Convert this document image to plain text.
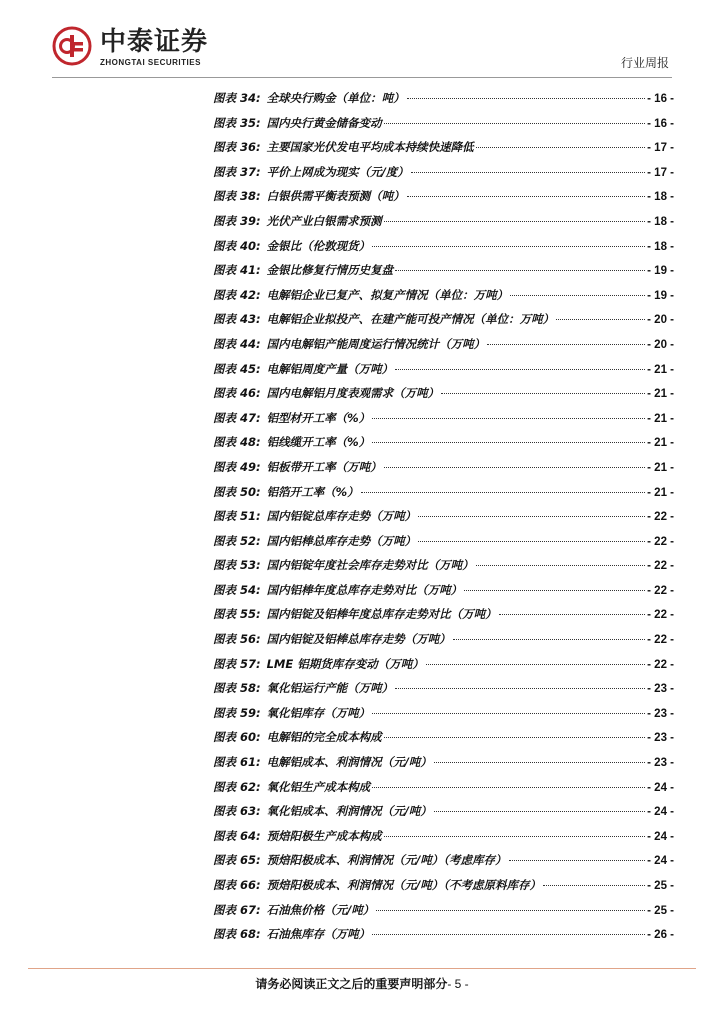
中泰证券
ZHONGTAI SECURITIES	行业周报
图表 34: 全球央行购金（单位：吨）	- 16 -
图表 35: 国内央行黄金储备变动	- 16 -
图表 36: 主要国家光伏发电平均成本持续快速降低	- 17 -
图表 37: 平价上网成为现实（元/度）	- 17 -
图表 38: 白银供需平衡表预测（吨）	- 18 -
图表 39: 光伏产业白银需求预测	- 18 -
图表 40: 金银比（伦敦现货）	- 18 -
图表 41: 金银比修复行情历史复盘	- 19 -
图表 42: 电解铝企业已复产、拟复产情况（单位：万吨）	- 19 -
图表 43: 电解铝企业拟投产、在建产能可投产情况（单位：万吨）	- 20 -
图表 44: 国内电解铝产能周度运行情况统计（万吨）	- 20 -
图表 45: 电解铝周度产量（万吨）	- 21 -
图表 46: 国内电解铝月度表观需求（万吨）	- 21 -
图表 47: 铝型材开工率（%）	- 21 -
图表 48: 铝线缆开工率（%）	- 21 -
图表 49: 铝板带开工率（万吨）	- 21 -
图表 50: 铝箔开工率（%）	- 21 -
图表 51: 国内铝锭总库存走势（万吨）	- 22 -
图表 52: 国内铝棒总库存走势（万吨）	- 22 -
图表 53: 国内铝锭年度社会库存走势对比（万吨）	- 22 -
图表 54: 国内铝棒年度总库存走势对比（万吨）	- 22 -
图表 55: 国内铝锭及铝棒年度总库存走势对比（万吨）	- 22 -
图表 56: 国内铝锭及铝棒总库存走势（万吨）	- 22 -
图表 57: LME 铝期货库存变动（万吨）	- 22 -
图表 58: 氧化铝运行产能（万吨）	- 23 -
图表 59: 氧化铝库存（万吨）	- 23 -
图表 60: 电解铝的完全成本构成	- 23 -
图表 61: 电解铝成本、利润情况（元/吨）	- 23 -
图表 62: 氧化铝生产成本构成	- 24 -
图表 63: 氧化铝成本、利润情况（元/吨）	- 24 -
图表 64: 预焙阳极生产成本构成	- 24 -
图表 65: 预焙阳极成本、利润情况（元/吨）（考虑库存）	- 24 -
图表 66: 预焙阳极成本、利润情况（元/吨）（不考虑原料库存）	- 25 -
图表 67: 石油焦价格（元/吨）	- 25 -
图表 68: 石油焦库存（万吨）	- 26 -
请务必阅读正文之后的重要声明部分- 5 -
